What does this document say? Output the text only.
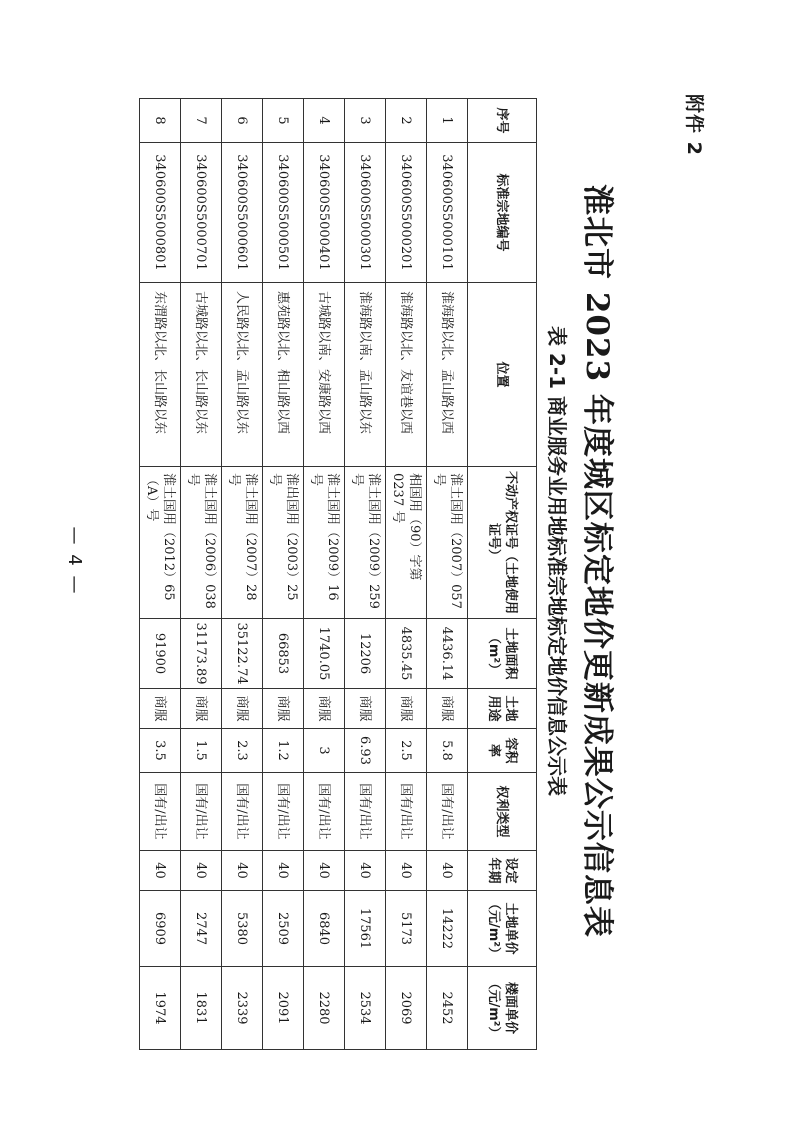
附件 2
淮北市 2023 年度城区标定地价更新成果公示信息表
表 2-1 商业服务业用地标准宗地标定地价信息公示表
序号	标准宗地编号	位置	不动产权证号（土地使用证号）	土地面积（m²）	土地用途	容积率	权利类型	设定年期	土地单价（元/m²）	楼面单价（元/m²）
1	340600S5000101	淮海路以北、孟山路以西	淮土国用（2007）057 号	4436.14	商服	5.8	国有/出让	40	14222	2452
2	340600S5000201	淮海路以北、友谊巷以西	相国用（90）字第 0237 号	4835.45	商服	2.5	国有/出让	40	5173	2069
3	340600S5000301	淮海路以南、孟山路以东	淮土国用（2009）259 号	12206	商服	6.93	国有/出让	40	17561	2534
4	340600S5000401	古城路以南、安康路以西	淮土国用（2009）16 号	1740.05	商服	3	国有/出让	40	6840	2280
5	340600S5000501	惠苑路以北、相山路以西	淮出国用（2003）25 号	66853	商服	1.2	国有/出让	40	2509	2091
6	340600S5000601	人民路以北、孟山路以东	淮土国用（2007）28 号	35122.74	商服	2.3	国有/出让	40	5380	2339
7	340600S5000701	古城路以北、长山路以东	淮土国用（2006）038 号	31173.89	商服	1.5	国有/出让	40	2747	1831
8	340600S5000801	东渭路以北、长山路以东	淮土国用（2012）65（A）号	91900	商服	3.5	国有/出让	40	6909	1974
— 4 —
